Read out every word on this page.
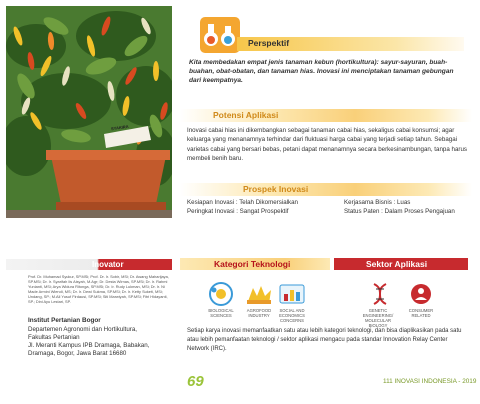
SYAKIRA
Perspektif
Kita membedakan empat jenis tanaman kebun (hortikultura): sayur-sayuran, buah-buahan, obat-obatan, dan tanaman hias. Inovasi ini menciptakan tanaman gebungan dari keempatnya.
Potensi Aplikasi
Inovasi cabai hias ini dikembangkan sebagai tanaman cabai hias, sekaligus cabai konsumsi; agar keluarga yang menanamnya terhindar dari fluktuasi harga cabai yang terjadi setiap tahun. Sebagai varietas cabai yang bersari bebas, petani dapat menanamnya secara berkesinambungan, tanpa harus membeli benih baru.
Prospek Inovasi
Kesiapan Inovasi : Telah Dikomersialkan
Peringkat Inovasi : Sangat Prospektif
Kerjasama Bisnis : Luas
Status Paten : Dalam Proses Pengajuan
Inovator
Prof. Dr. Muhamad Syukur, SP.MSi; Prof. Dr. Ir. Sobir, MSi; Dr. Awang Maharijaya, SP.MSi; Dr. Ir. Syarifah Iis Aisyah, M.Agr; Dr. Desta Wirnas, SP.MSi; Dr. Ir. Rahmi Yunianti, MSi; Arya Widura Ritonga, SP.MSi; Dr. Ir. Rudy Lukman, MSi; Dr. Ir. Ni Made Armini Wiendi, MS; Dr. Ir. Dewi Sukma, SP.MSi; Dr. Ir. Ketty Suketi, MSi; Undang, SP.; M.Ali Yusuf Firdausi, SP.MSi; Siti Marwiyah, SP.MSi; Fitri Hidayanti, SP.; Dini Ayu Lestari, SP.
Institut Pertanian Bogor
Departemen Agronomi dan Hortikultura,
Fakultas Pertanian
Jl. Meranti Kampus IPB Dramaga, Babakan,
Dramaga, Bogor, Jawa Barat 16680
Kategori Teknologi
BIOLOGICAL SCIENCES
AGROFOOD INDUSTRY
SOCIAL AND ECONOMICS CONCERNS
Sektor Aplikasi
GENETIC ENGINEERING/ MOLECULAR BIOLOGY
CONSUMER RELATED
Setiap karya inovasi memanfaatkan satu atau lebih kategori teknologi, dan bisa diaplikasikan pada satu atau lebih pemanfaatan teknologi / sektor aplikasi mengacu pada standar Innovation Relay Center Network (IRC).
69	111 INOVASI INDONESIA - 2019
